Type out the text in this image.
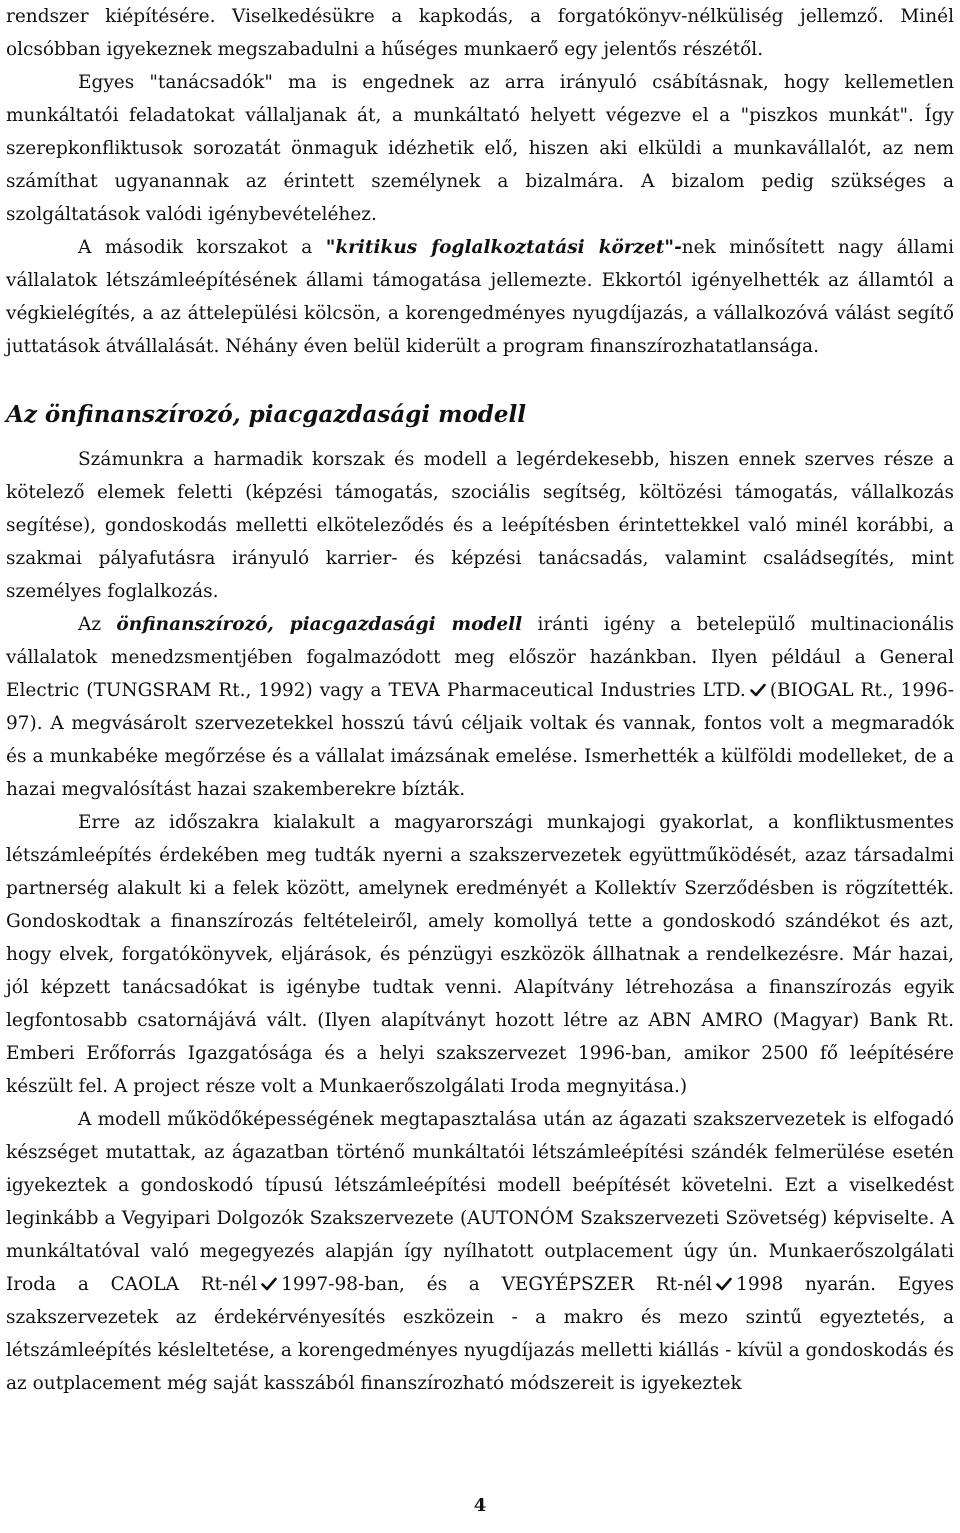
rendszer kiépítésére. Viselkedésükre a kapkodás, a forgatókönyv-nélküliség jellemző. Minél olcsóbban igyekeznek megszabadulni a hűséges munkaerő egy jelentős részétől.

Egyes "tanácsadók" ma is engednek az arra irányuló csábításnak, hogy kellemetlen munkáltatói feladatokat vállaljanak át, a munkáltató helyett végezve el a "piszkos munkát". Így szerepkonfliktusok sorozatát önmaguk idézhetik elő, hiszen aki elküldi a munkavállalót, az nem számíthat ugyanannak az érintett személynek a bizalmára. A bizalom pedig szükséges a szolgáltatások valódi igénybevételéhez.

A második korszakot a "kritikus foglalkoztatási körzet"-nek minősített nagy állami vállalatok létszámleépítésének állami támogatása jellemezte. Ekkortól igényelhették az államtól a végkielégítés, a az áttelepülési kölcsön, a korengedményes nyugdíjazás, a vállalkozóvá válást segítő juttatások átvállalását. Néhány éven belül kiderült a program finanszírozhatatlansága.

Az önfinanszírozó, piacgazdasági modell

Számunkra a harmadik korszak és modell a legérdekesebb, hiszen ennek szerves része a kötelező elemek feletti (képzési támogatás, szociális segítség, költözési támogatás, vállalkozás segítése), gondoskodás melletti elköteleződés és a leépítésben érintettekkel való minél korábbi, a szakmai pályafutásra irányuló karrier- és képzési tanácsadás, valamint családsegítés, mint személyes foglalkozás.

Az önfinanszírozó, piacgazdasági modell iránti igény a betelepülő multinacionális vállalatok menedzsmentjében fogalmazódott meg először hazánkban. Ilyen például a General Electric (TUNGSRAM Rt., 1992) vagy a TEVA Pharmaceutical Industries LTD. (BIOGAL Rt., 1996-97). A megvásárolt szervezetekkel hosszú távú céljaik voltak és vannak, fontos volt a megmaradók és a munkabéke megőrzése és a vállalat imázsának emelése. Ismerhették a külföldi modelleket, de a hazai megvalósítást hazai szakemberekre bízták.

Erre az időszakra kialakult a magyarországi munkajogi gyakorlat, a konfliktusmentes létszámleépítés érdekében meg tudták nyerni a szakszervezetek együttműködését, azaz társadalmi partnerség alakult ki a felek között, amelynek eredményét a Kollektív Szerződésben is rögzítették. Gondoskodtak a finanszírozás feltételeiről, amely komollyá tette a gondoskodó szándékot és azt, hogy elvek, forgatókönyvek, eljárások, és pénzügyi eszközök állhatnak a rendelkezésre. Már hazai, jól képzett tanácsadókat is igénybe tudtak venni. Alapítvány létrehozása a finanszírozás egyik legfontosabb csatornájává vált. (Ilyen alapítványt hozott létre az ABN AMRO (Magyar) Bank Rt. Emberi Erőforrás Igazgatósága és a helyi szakszervezet 1996-ban, amikor 2500 fő leépítésére készült fel. A project része volt a Munkaerőszolgálati Iroda megnyitása.)

A modell működőképességének megtapasztalása után az ágazati szakszervezetek is elfogadó készséget mutattak, az ágazatban történő munkáltatói létszámleépítési szándék felmerülése esetén igyekeztek a gondoskodó típusú létszámleépítési modell beépítését követelni. Ezt a viselkedést leginkább a Vegyipari Dolgozók Szakszervezete (AUTONÓM Szakszervezeti Szövetség) képviselte. A munkáltatóval való megegyezés alapján így nyílhatott outplacement úgy ún. Munkaerőszolgálati Iroda a CAOLA Rt-nél 1997-98-ban, és a VEGYÉPSZER Rt-nél 1998 nyarán. Egyes szakszervezetek az érdekérvényesítés eszközein - a makro és mezo szintű egyeztetés, a létszámleépítés késleltetése, a korengedményes nyugdíjazás melletti kiállás - kívül a gondoskodás és az outplacement még saját kasszából finanszírozható módszereit is igyekeztek

4
